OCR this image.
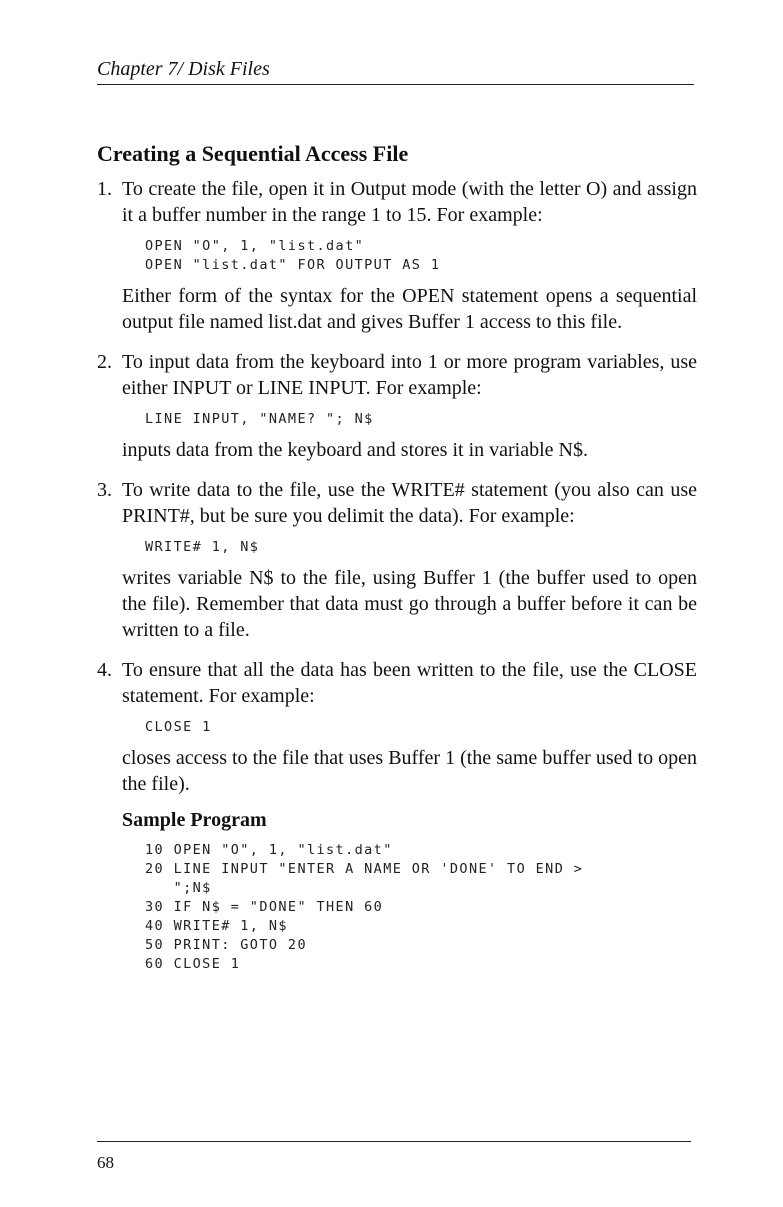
Chapter 7/ Disk Files
Creating a Sequential Access File
1. To create the file, open it in Output mode (with the letter O) and assign it a buffer number in the range 1 to 15. For example:

OPEN "O", 1, "list.dat"
OPEN "list.dat" FOR OUTPUT AS 1

Either form of the syntax for the OPEN statement opens a sequential output file named list.dat and gives Buffer 1 access to this file.

2. To input data from the keyboard into 1 or more program variables, use either INPUT or LINE INPUT. For example:

LINE INPUT, "NAME? "; N$

inputs data from the keyboard and stores it in variable N$.

3. To write data to the file, use the WRITE# statement (you also can use PRINT#, but be sure you delimit the data). For example:

WRITE# 1, N$

writes variable N$ to the file, using Buffer 1 (the buffer used to open the file). Remember that data must go through a buffer before it can be written to a file.

4. To ensure that all the data has been written to the file, use the CLOSE statement. For example:

CLOSE 1

closes access to the file that uses Buffer 1 (the same buffer used to open the file).

Sample Program
10 OPEN "O", 1, "list.dat"
20 LINE INPUT "ENTER A NAME OR 'DONE' TO END >
";N$
30 IF N$ = "DONE" THEN 60
40 WRITE# 1, N$
50 PRINT: GOTO 20
60 CLOSE 1
68
